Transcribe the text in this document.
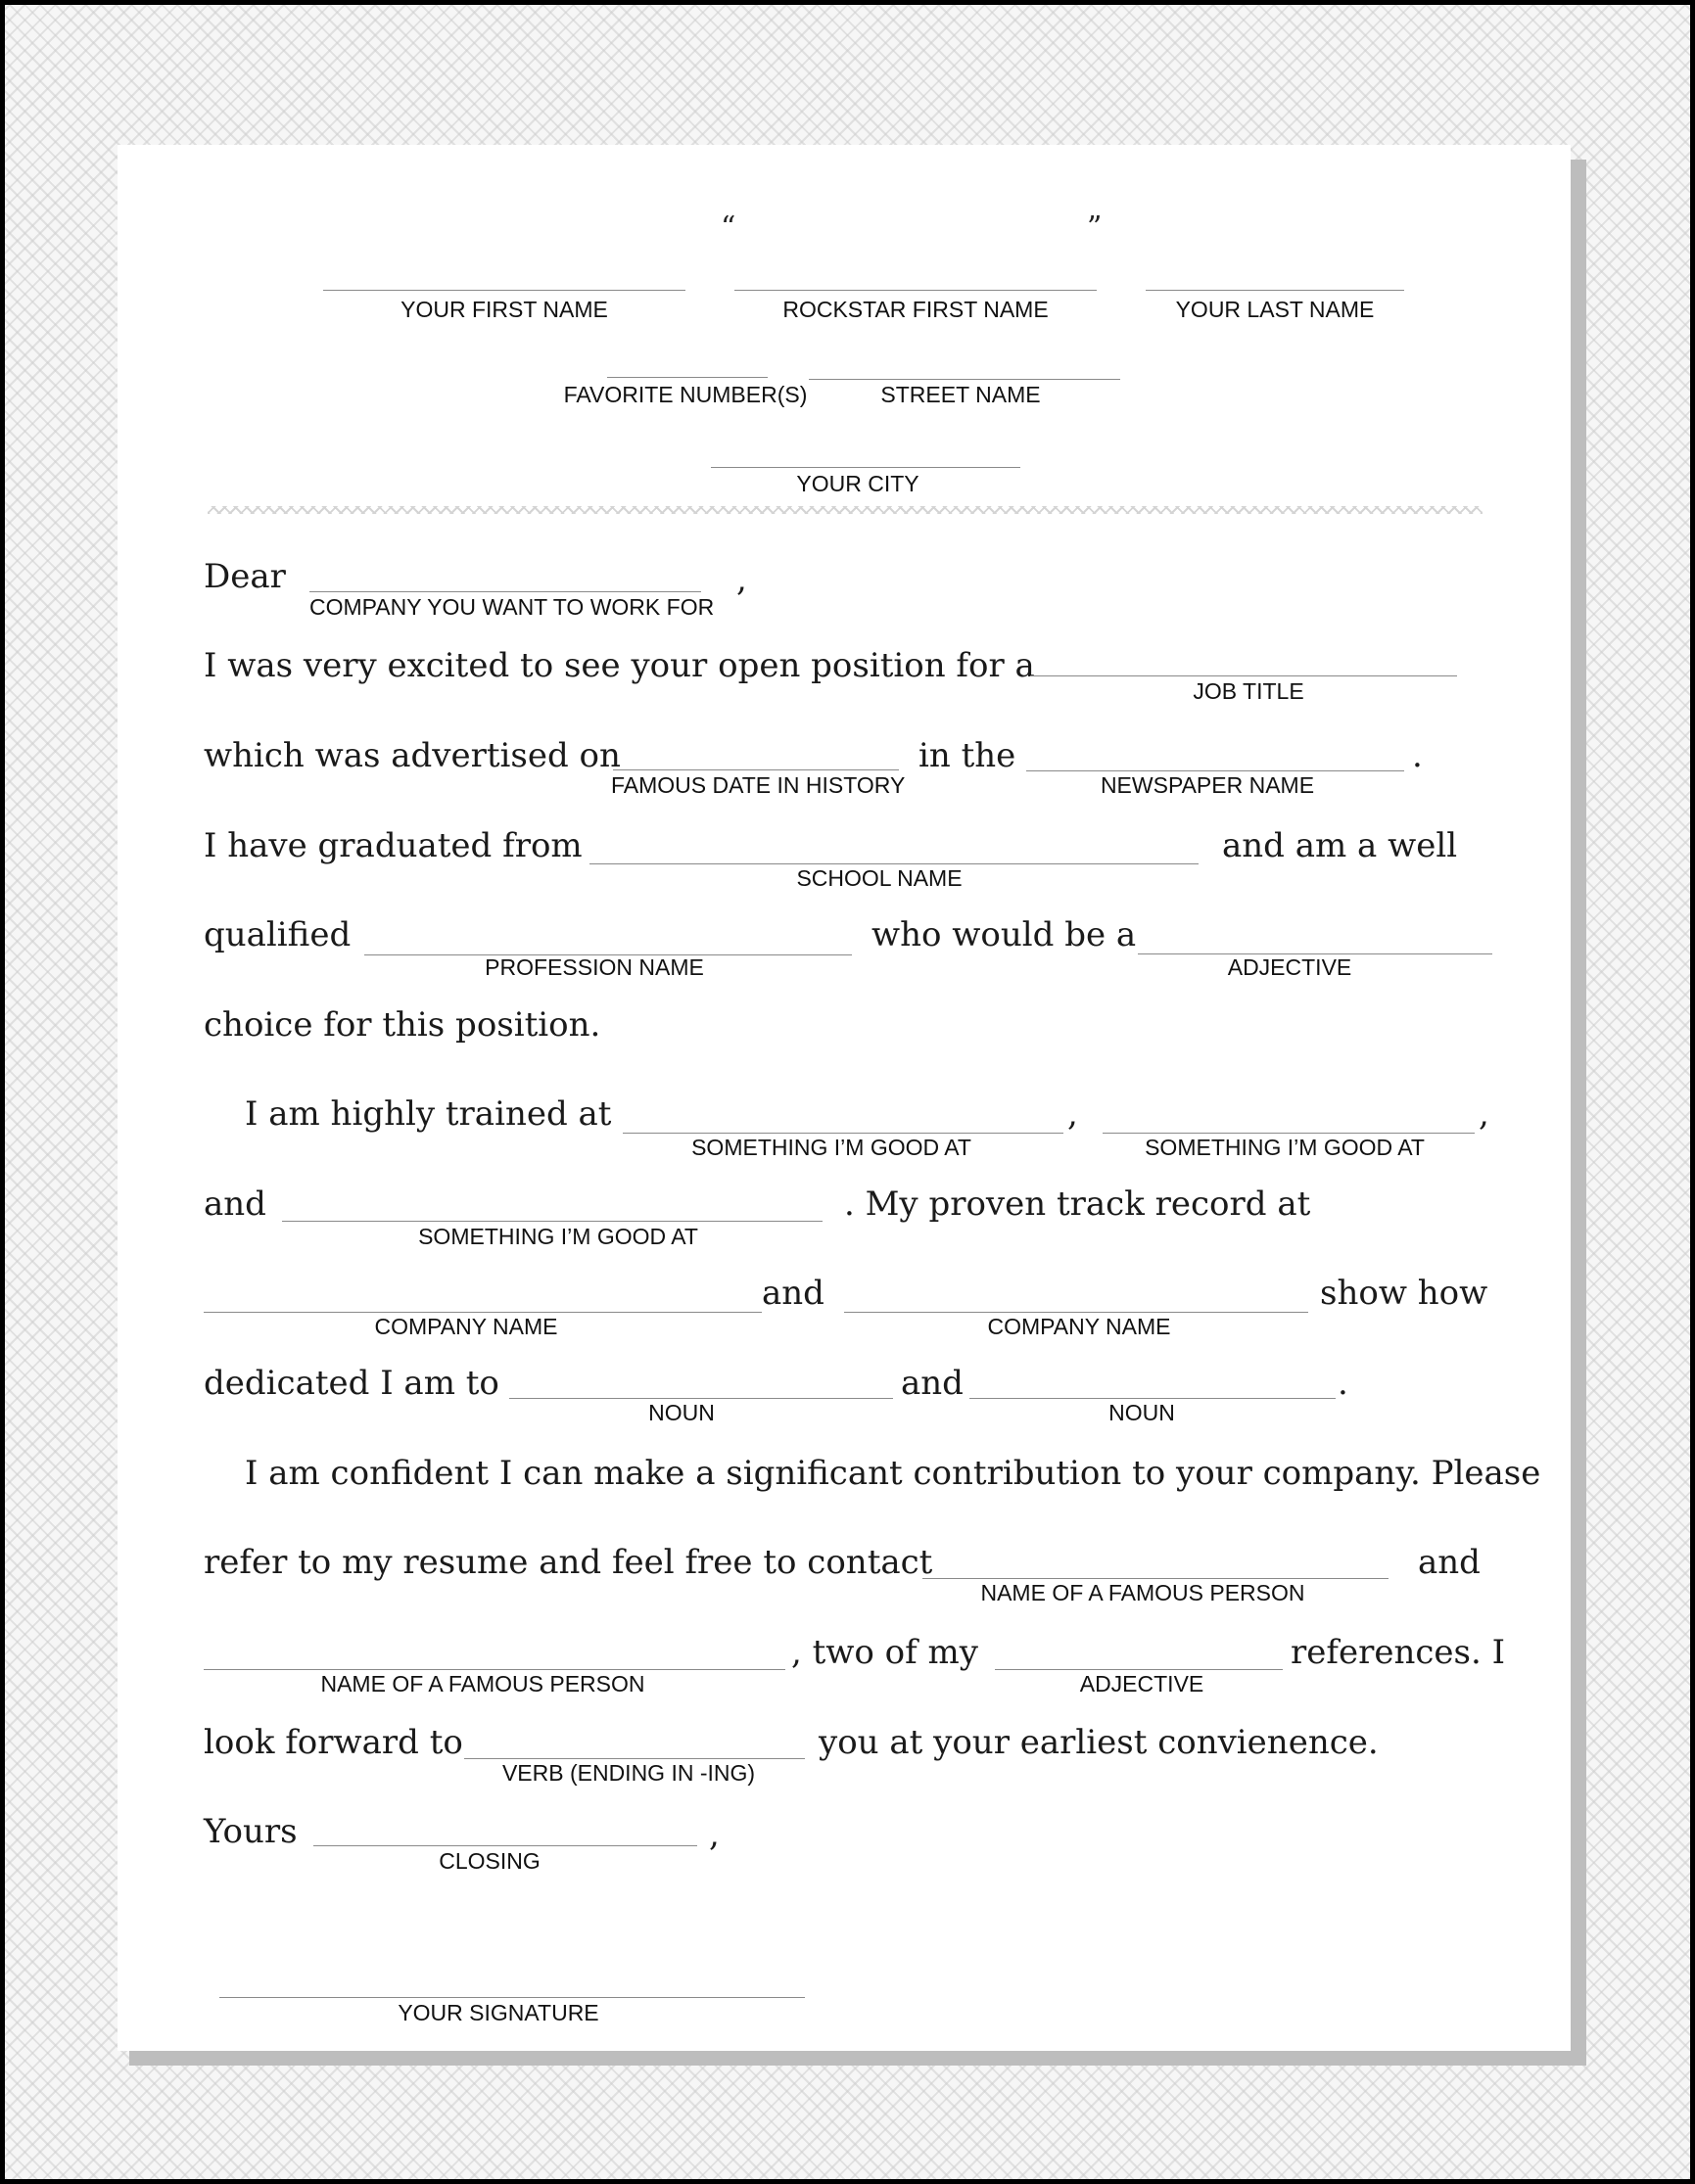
“	”
YOUR FIRST NAME	ROCKSTAR FIRST NAME	YOUR LAST NAME
FAVORITE NUMBER(S)	STREET NAME
YOUR CITY
Dear
COMPANY YOU WANT TO WORK FOR
,
I was very excited to see your open position for a
JOB TITLE
which was advertised on
FAMOUS DATE IN HISTORY
in the
NEWSPAPER NAME
.
I have graduated from
SCHOOL NAME
and am a well
qualified
PROFESSION NAME
who would be a
ADJECTIVE
choice for this position.
I am highly trained at
SOMETHING I’M GOOD AT
,
SOMETHING I’M GOOD AT
,
and
SOMETHING I’M GOOD AT
. My proven track record at
COMPANY NAME
and
COMPANY NAME
show how
dedicated I am to
NOUN
and
NOUN
.
I am confident I can make a significant contribution to your company. Please
refer to my resume and feel free to contact
NAME OF A FAMOUS PERSON
and
NAME OF A FAMOUS PERSON
, two of my
ADJECTIVE
references. I
look forward to
VERB (ENDING IN -ING)
you at your earliest convienence.
Yours
CLOSING
,
YOUR SIGNATURE
